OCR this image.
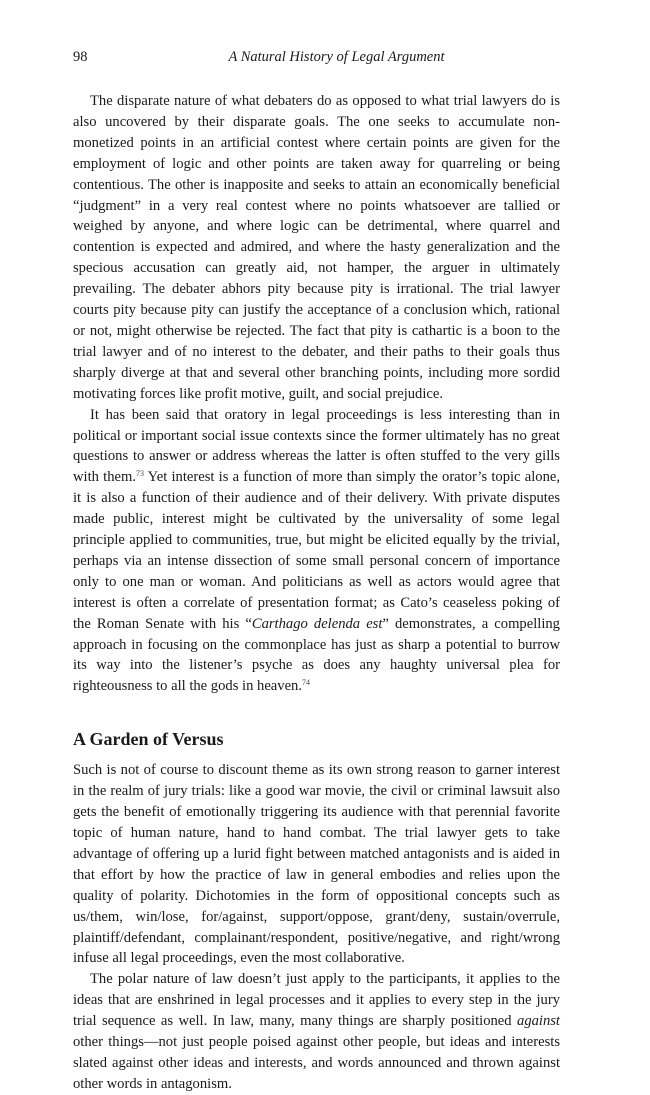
98	A Natural History of Legal Argument

The disparate nature of what debaters do as opposed to what trial lawyers do is also uncovered by their disparate goals. The one seeks to accumulate non-monetized points in an artificial contest where certain points are given for the employment of logic and other points are taken away for quarreling or being contentious. The other is inappositе and seeks to attain an economically beneficial “judgment” in a very real contest where no points whatsoever are tallied or weighed by anyone, and where logic can be detrimental, where quarrel and contention is expected and admired, and where the hasty generalization and the specious accusation can greatly aid, not hamper, the arguer in ultimately prevailing. The debater abhors pity because pity is irrational. The trial lawyer courts pity because pity can justify the acceptance of a conclusion which, rational or not, might otherwise be rejected. The fact that pity is cathartic is a boon to the trial lawyer and of no interest to the debater, and their paths to their goals thus sharply diverge at that and several other branching points, including more sordid motivating forces like profit motive, guilt, and social prejudice.

It has been said that oratory in legal proceedings is less interesting than in political or important social issue contexts since the former ultimately has no great questions to answer or address whereas the latter is often stuffed to the very gills with them.$^{73}$ Yet interest is a function of more than simply the orator’s topic alone, it is also a function of their audience and of their delivery. With private disputes made public, interest might be cultivated by the universality of some legal principle applied to communities, true, but might be elicited equally by the trivial, perhaps via an intense dissection of some small personal concern of importance only to one man or woman. And politicians as well as actors would agree that interest is often a correlate of presentation format; as Cato’s ceaseless poking of the Roman Senate with his “Carthago delenda est” demonstrates, a compelling approach in focusing on the commonplace has just as sharp a potential to burrow its way into the listener’s psyche as does any haughty universal plea for righteousness to all the gods in heaven.$^{74}$

A Garden of Versus

Such is not of course to discount theme as its own strong reason to garner interest in the realm of jury trials: like a good war movie, the civil or criminal lawsuit also gets the benefit of emotionally triggering its audience with that perennial favorite topic of human nature, hand to hand combat. The trial lawyer gets to take advantage of offering up a lurid fight between matched antagonists and is aided in that effort by how the practice of law in general embodies and relies upon the quality of polarity. Dichotomies in the form of oppositional concepts such as us/them, win/lose, for/against, support/oppose, grant/deny, sustain/overrule, plaintiff/defendant, complainant/respondent, positive/negative, and right/wrong infuse all legal proceedings, even the most collaborative.

The polar nature of law doesn’t just apply to the participants, it applies to the ideas that are enshrined in legal processes and it applies to every step in the jury trial sequence as well. In law, many, many things are sharply positioned against other things—not just people poised against other people, but ideas and interests slated against other ideas and interests, and words announced and thrown against other words in antagonism.
